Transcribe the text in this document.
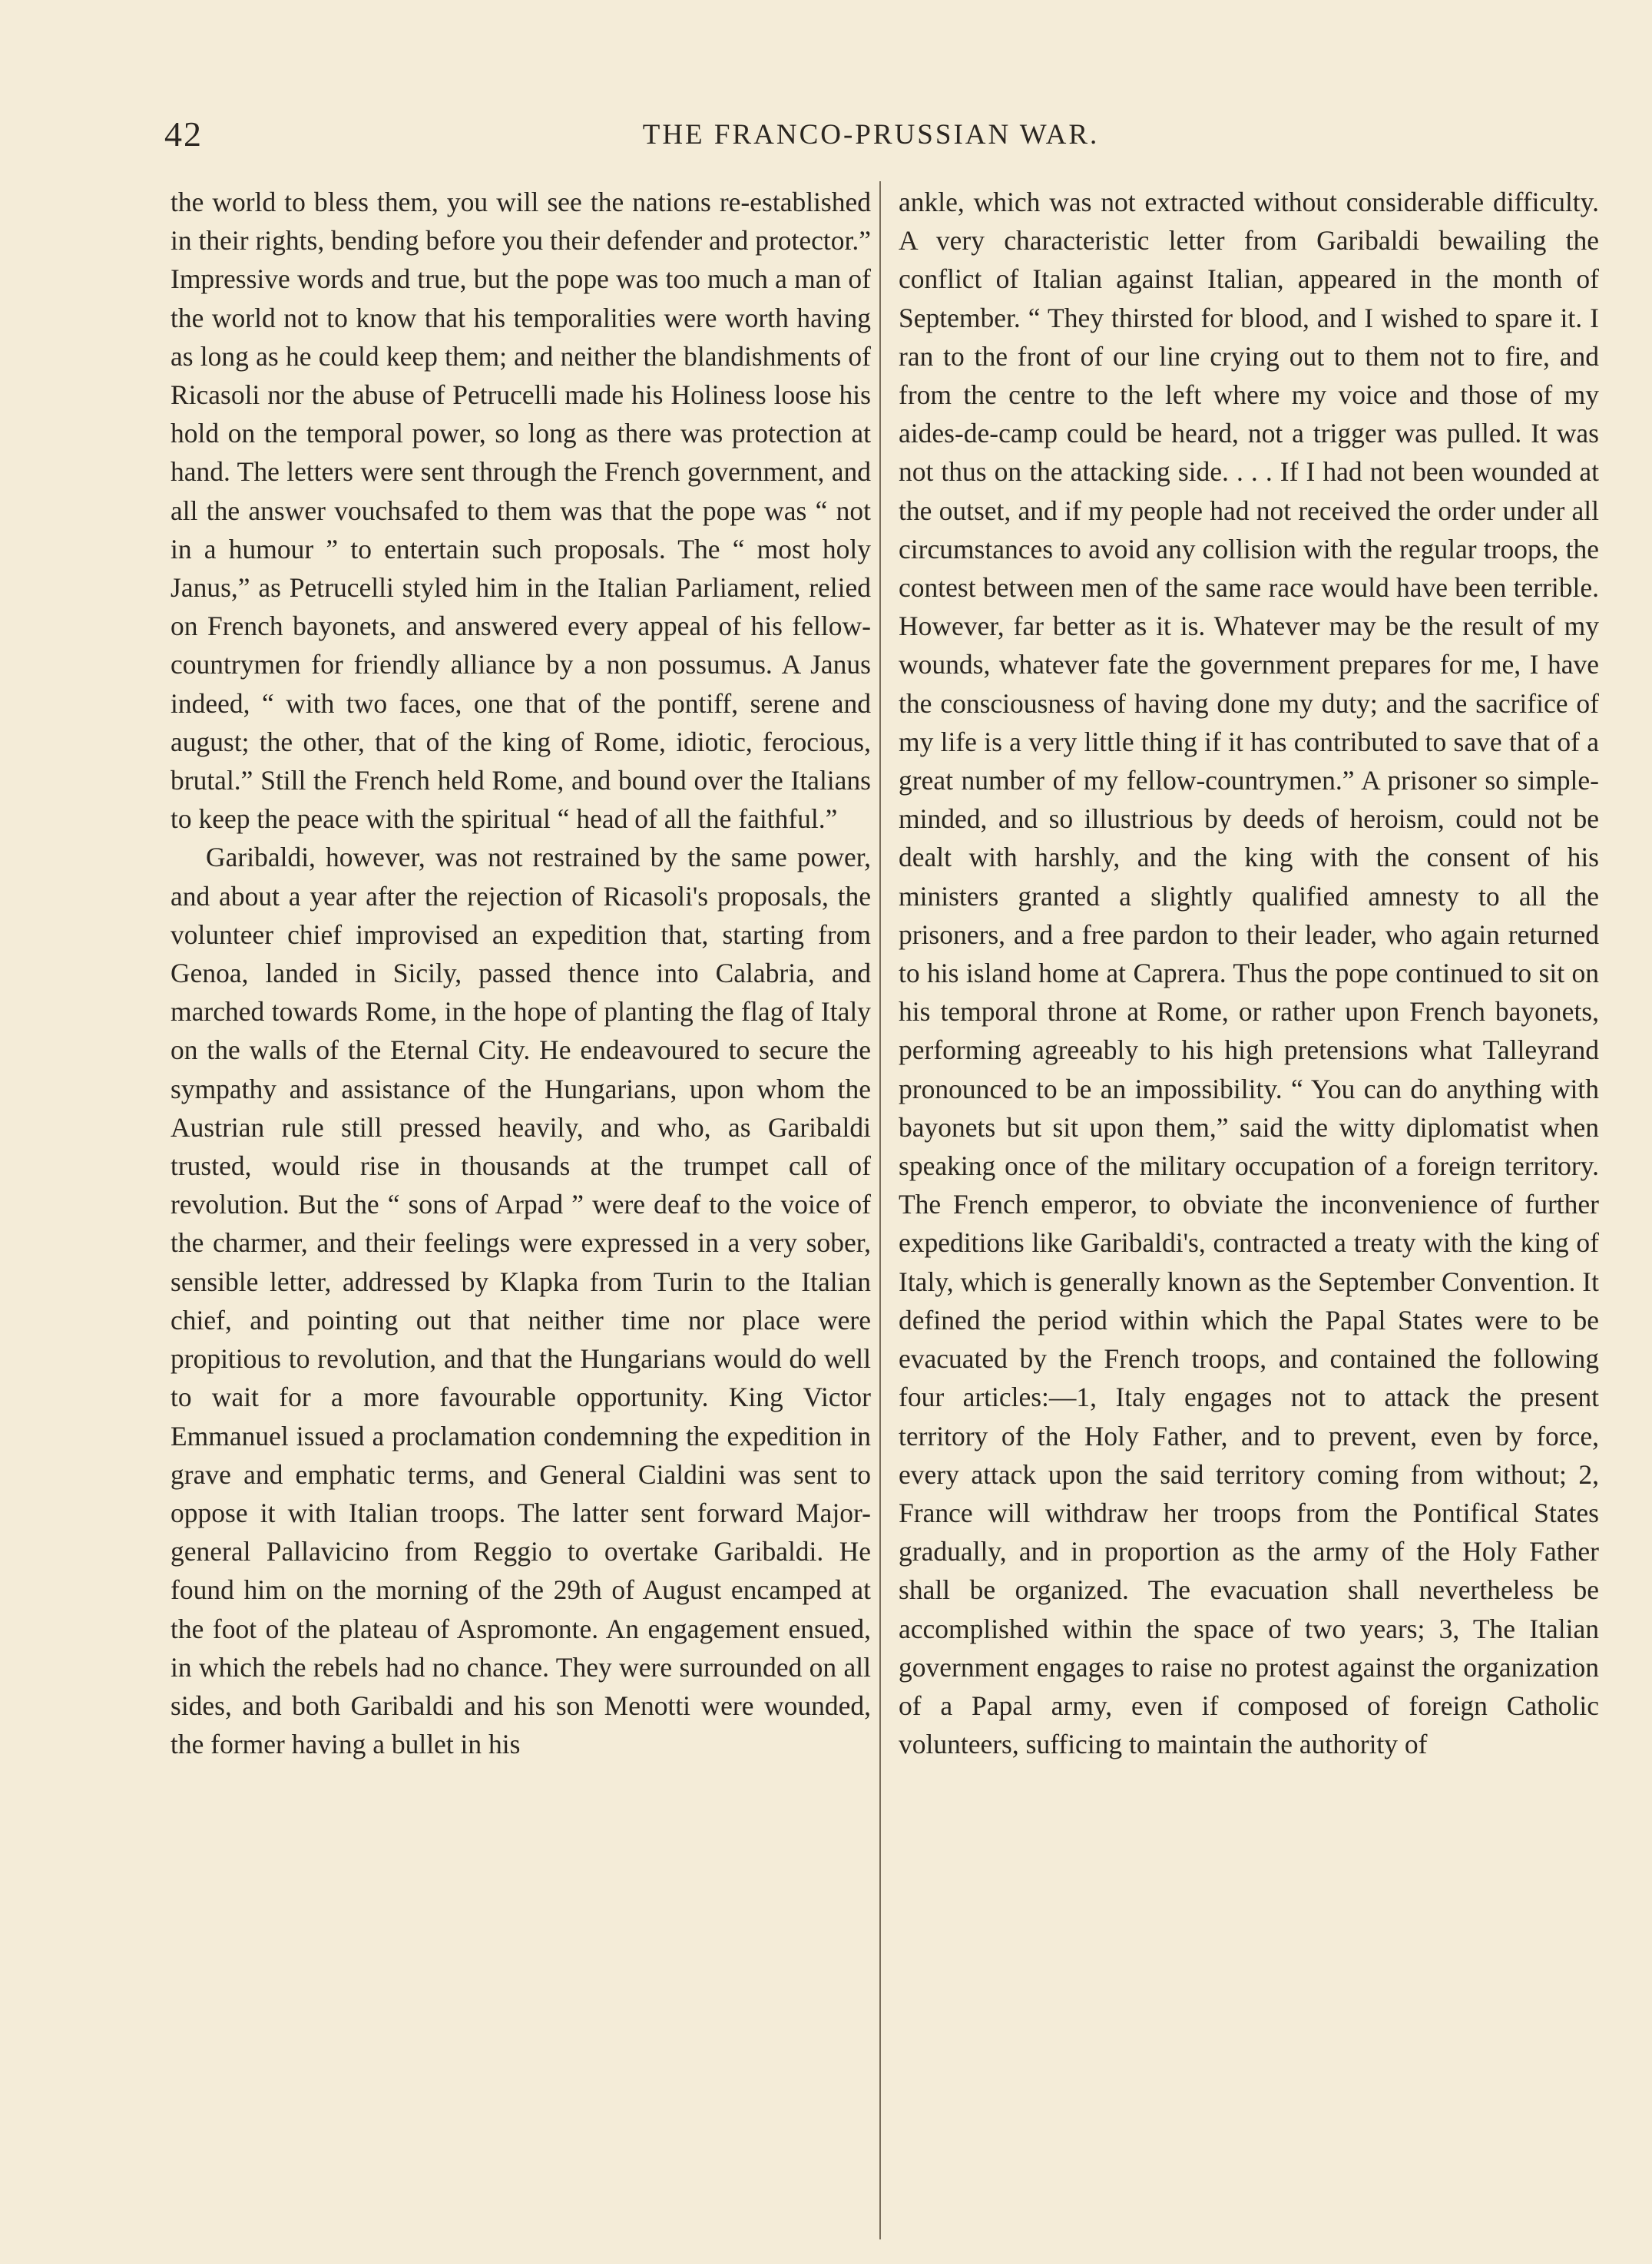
42	THE FRANCO-PRUSSIAN WAR.

the world to bless them, you will see the nations re-established in their rights, bending before you their defender and protector.” Impressive words and true, but the pope was too much a man of the world not to know that his temporalities were worth having as long as he could keep them; and neither the blandishments of Ricasoli nor the abuse of Petrucelli made his Holiness loose his hold on the temporal power, so long as there was protection at hand. The letters were sent through the French government, and all the answer vouchsafed to them was that the pope was “ not in a humour ” to entertain such proposals. The “ most holy Janus,” as Petrucelli styled him in the Italian Parliament, relied on French bayonets, and answered every appeal of his fellow-countrymen for friendly alliance by a non possumus. A Janus indeed, “ with two faces, one that of the pontiff, serene and august; the other, that of the king of Rome, idiotic, ferocious, brutal.” Still the French held Rome, and bound over the Italians to keep the peace with the spiritual “ head of all the faithful.”

Garibaldi, however, was not restrained by the same power, and about a year after the rejection of Ricasoli's proposals, the volunteer chief improvised an expedition that, starting from Genoa, landed in Sicily, passed thence into Calabria, and marched towards Rome, in the hope of planting the flag of Italy on the walls of the Eternal City. He endeavoured to secure the sympathy and assistance of the Hungarians, upon whom the Austrian rule still pressed heavily, and who, as Garibaldi trusted, would rise in thousands at the trumpet call of revolution. But the “ sons of Arpad ” were deaf to the voice of the charmer, and their feelings were expressed in a very sober, sensible letter, addressed by Klapka from Turin to the Italian chief, and pointing out that neither time nor place were propitious to revolution, and that the Hungarians would do well to wait for a more favourable opportunity. King Victor Emmanuel issued a proclamation condemning the expedition in grave and emphatic terms, and General Cialdini was sent to oppose it with Italian troops. The latter sent forward Major-general Pallavicino from Reggio to overtake Garibaldi. He found him on the morning of the 29th of August encamped at the foot of the plateau of Aspromonte. An engagement ensued, in which the rebels had no chance. They were surrounded on all sides, and both Garibaldi and his son Menotti were wounded, the former having a bullet in his

ankle, which was not extracted without considerable difficulty. A very characteristic letter from Garibaldi bewailing the conflict of Italian against Italian, appeared in the month of September. “ They thirsted for blood, and I wished to spare it. I ran to the front of our line crying out to them not to fire, and from the centre to the left where my voice and those of my aides-de-camp could be heard, not a trigger was pulled. It was not thus on the attacking side. . . . If I had not been wounded at the outset, and if my people had not received the order under all circumstances to avoid any collision with the regular troops, the contest between men of the same race would have been terrible. However, far better as it is. Whatever may be the result of my wounds, whatever fate the government prepares for me, I have the consciousness of having done my duty; and the sacrifice of my life is a very little thing if it has contributed to save that of a great number of my fellow-countrymen.” A prisoner so simple-minded, and so illustrious by deeds of heroism, could not be dealt with harshly, and the king with the consent of his ministers granted a slightly qualified amnesty to all the prisoners, and a free pardon to their leader, who again returned to his island home at Caprera. Thus the pope continued to sit on his temporal throne at Rome, or rather upon French bayonets, performing agreeably to his high pretensions what Talleyrand pronounced to be an impossibility. “ You can do anything with bayonets but sit upon them,” said the witty diplomatist when speaking once of the military occupation of a foreign territory. The French emperor, to obviate the inconvenience of further expeditions like Garibaldi's, contracted a treaty with the king of Italy, which is generally known as the September Convention. It defined the period within which the Papal States were to be evacuated by the French troops, and contained the following four articles:—1, Italy engages not to attack the present territory of the Holy Father, and to prevent, even by force, every attack upon the said territory coming from without; 2, France will withdraw her troops from the Pontifical States gradually, and in proportion as the army of the Holy Father shall be organized. The evacuation shall nevertheless be accomplished within the space of two years; 3, The Italian government engages to raise no protest against the organization of a Papal army, even if composed of foreign Catholic volunteers, sufficing to maintain the authority of
